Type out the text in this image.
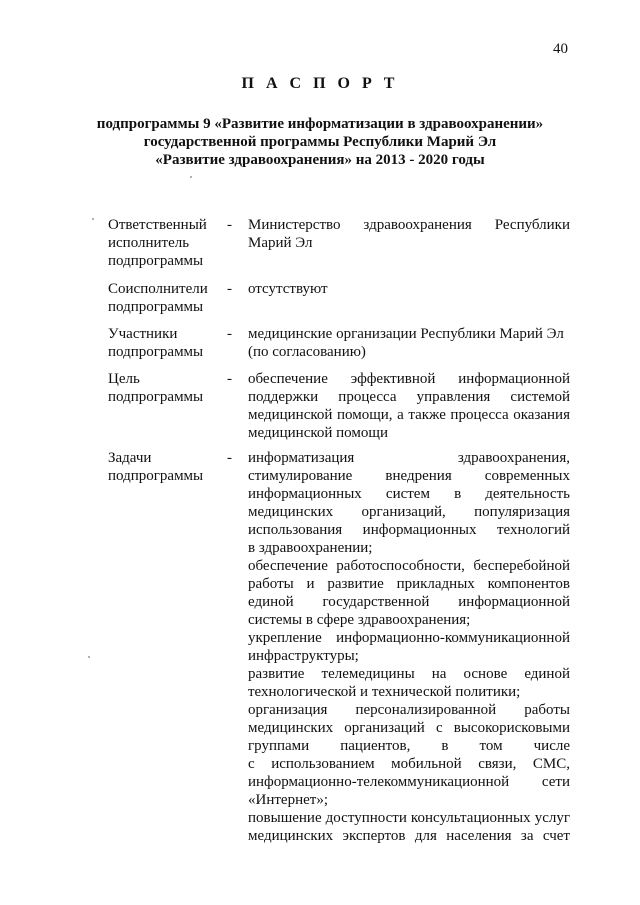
40
П А С П О Р Т
подпрограммы 9 «Развитие информатизации в здравоохранении»
государственной программы Республики Марий Эл
«Развитие здравоохранения» на 2013 - 2020 годы
Ответственный
исполнитель
подпрограммы
- Министерство здравоохранения Республики
Марий Эл
Соисполнители
подпрограммы
- отсутствуют
Участники
подпрограммы
- медицинские организации Республики Марий Эл
(по согласованию)
Цель
подпрограммы
- обеспечение эффективной информационной
поддержки процесса управления системой
медицинской помощи, а также процесса оказания
медицинской помощи
Задачи
подпрограммы
- информатизация здравоохранения,
стимулирование внедрения современных
информационных систем в деятельность
медицинских организаций, популяризация
использования информационных технологий
в здравоохранении;
обеспечение работоспособности, бесперебойной
работы и развитие прикладных компонентов
единой государственной информационной
системы в сфере здравоохранения;
укрепление информационно-коммуникационной
инфраструктуры;
развитие телемедицины на основе единой
технологической и технической политики;
организация персонализированной работы
медицинских организаций с высокорисковыми
группами пациентов, в том числе
с использованием мобильной связи, СМС,
информационно-телекоммуникационной сети
«Интернет»;
повышение доступности консультационных услуг
медицинских экспертов для населения за счет
